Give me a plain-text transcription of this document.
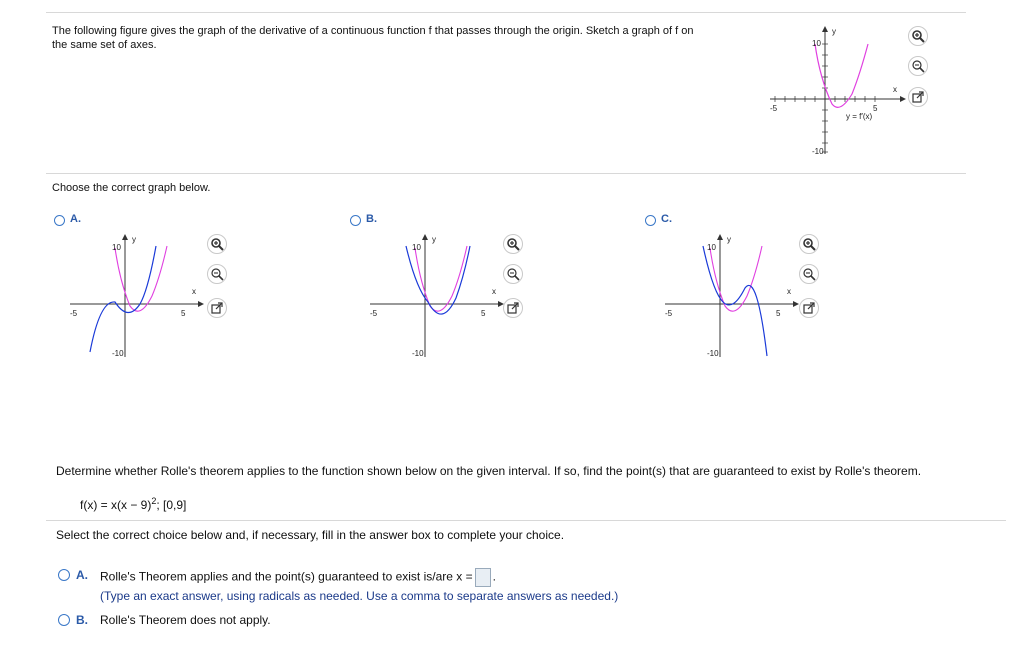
The following figure gives the graph of the derivative of a continuous function f that passes through the origin. Sketch a graph of f on
the same set of axes.	10
-10
-5	5
x
y
y = f′(x)
Choose the correct graph below.
A.
10
-10
-5	5
x
y
B.
10
-10
-5	5
x
y
C.
10
-10
-5	5
x
y
Determine whether Rolle's theorem applies to the function shown below on the given interval. If so, find the point(s) that are guaranteed to exist by Rolle's theorem.
$f(x) = x(x - 9)^2$; [0,9]
Select the correct choice below and, if necessary, fill in the answer box to complete your choice.
A. Rolle's Theorem applies and the point(s) guaranteed to exist is/are x = .
(Type an exact answer, using radicals as needed. Use a comma to separate answers as needed.)
B. Rolle's Theorem does not apply.
